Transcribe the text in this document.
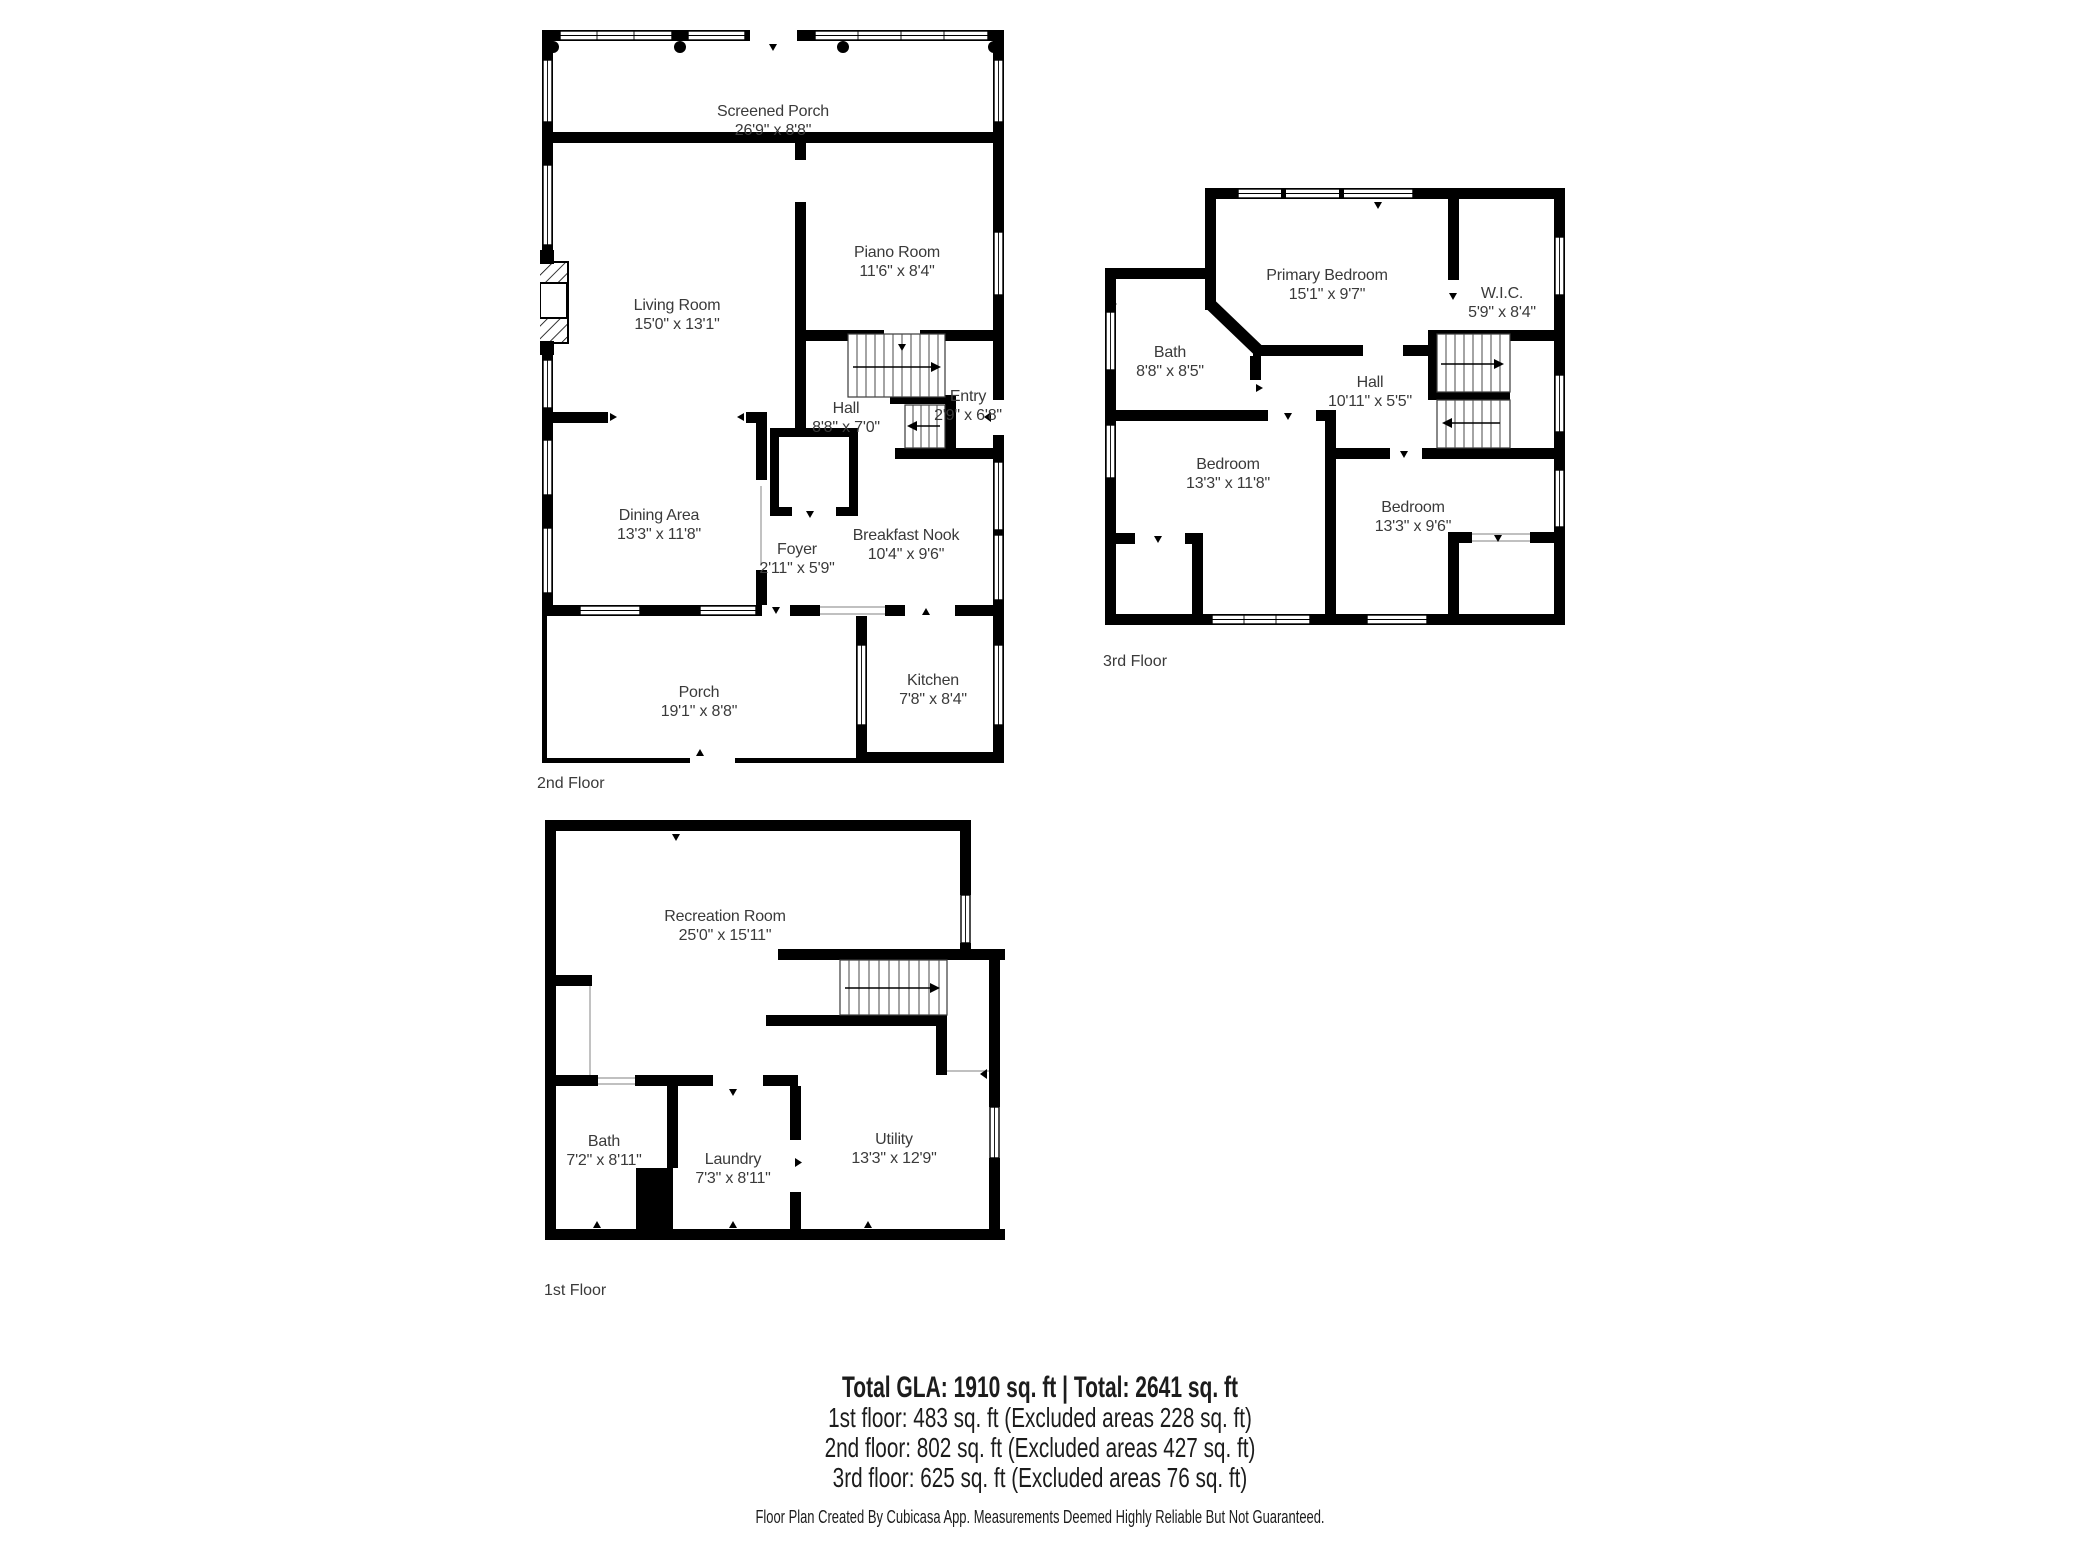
Screened Porch
26'9" x 8'8"
Living Room
15'0" x 13'1"
Piano Room
11'6" x 8'4"
Hall
8'8" x 7'0"
Entry
2'9" x 6'8"
Dining Area
13'3" x 11'8"
Foyer
2'11" x 5'9"
Breakfast Nook
10'4" x 9'6"
Porch
19'1" x 8'8"
Kitchen
7'8" x 8'4"
2nd Floor
Primary Bedroom
15'1" x 9'7"	W.I.C.
5'9" x 8'4"
Bath
8'8" x 8'5"
Hall
10'11" x 5'5"
Bedroom
13'3" x 11'8"
Bedroom
13'3" x 9'6"
3rd Floor
Recreation Room
25'0" x 15'11"
Bath
7'2" x 8'11"	Laundry
7'3" x 8'11"
Utility
13'3" x 12'9"
1st Floor
Total GLA: 1910 sq. ft | Total: 2641 sq. ft
1st floor: 483 sq. ft (Excluded areas 228 sq. ft)
2nd floor: 802 sq. ft (Excluded areas 427 sq. ft)
3rd floor: 625 sq. ft (Excluded areas 76 sq. ft)
Floor Plan Created By Cubicasa App. Measurements Deemed Highly Reliable But Not Guaranteed.
